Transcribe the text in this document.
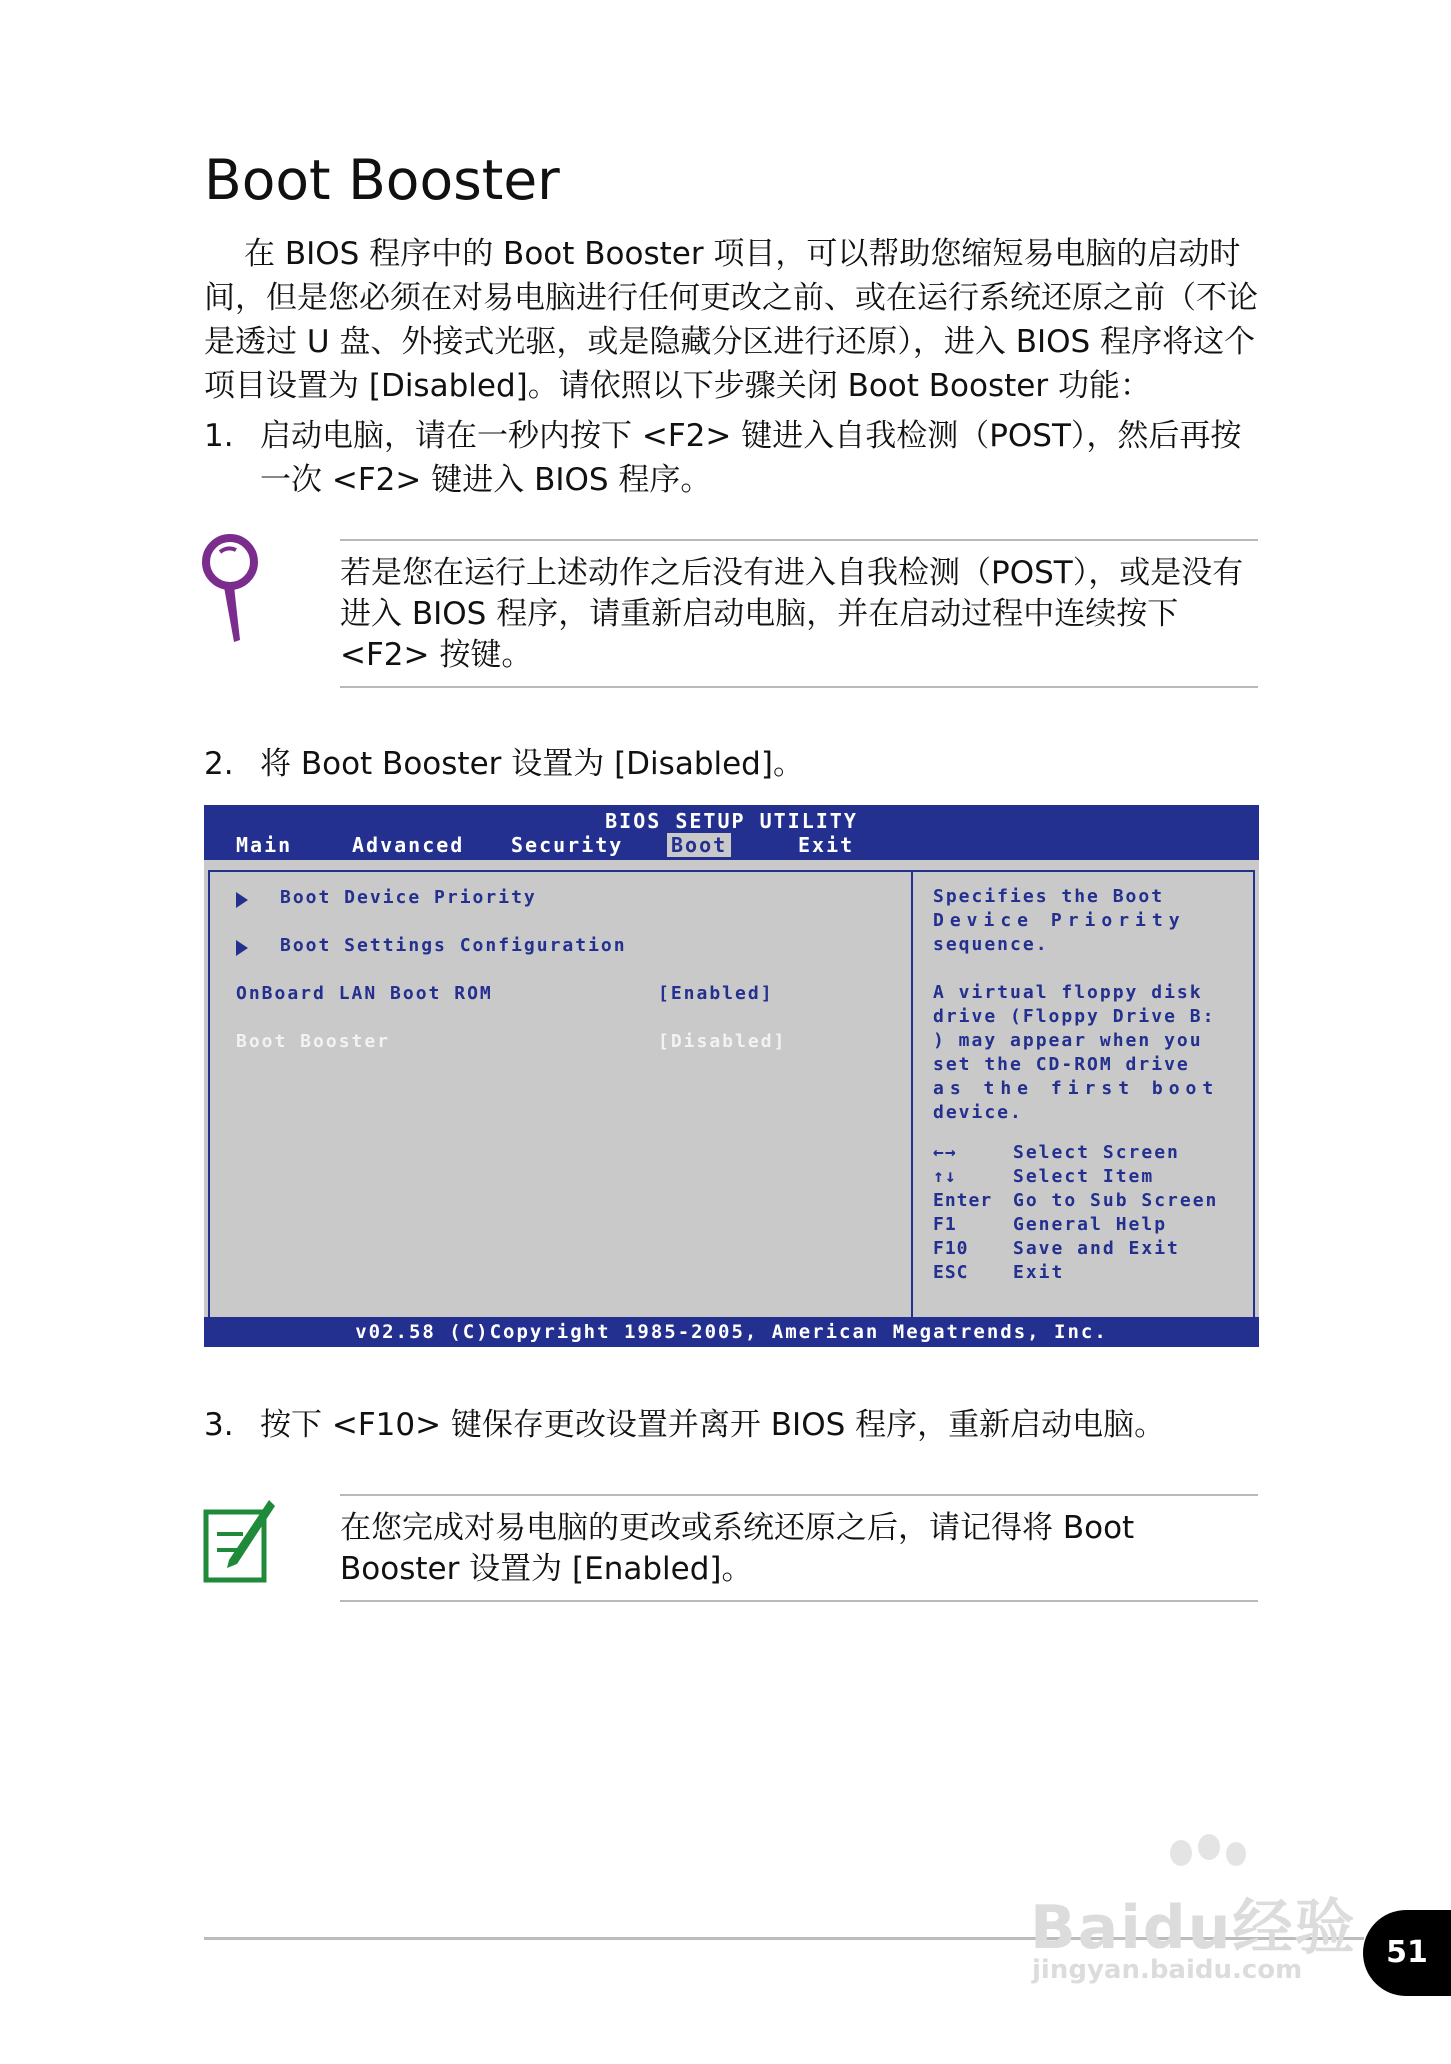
Boot Booster
在 BIOS 程序中的 Boot Booster 项目，可以帮助您缩短易电脑的启动时间，但是您必须在对易电脑进行任何更改之前、或在运行系统还原之前（不论是透过 U 盘、外接式光驱，或是隐藏分区进行还原），进入 BIOS 程序将这个项目设置为 [Disabled]。请依照以下步骤关闭 Boot Booster 功能：
1. 启动电脑，请在一秒内按下 <F2> 键进入自我检测（POST），然后再按一次 <F2> 键进入 BIOS 程序。
若是您在运行上述动作之后没有进入自我检测（POST），或是没有进入 BIOS 程序，请重新启动电脑，并在启动过程中连续按下 <F2> 按键。
2. 将 Boot Booster 设置为 [Disabled]。
BIOS SETUP UTILITY
Main	Advanced Security Boot	Exit
Boot Device Priority
Boot Settings Configuration
OnBoard LAN Boot ROM	[Enabled]
Boot Booster	[Disabled]
Specifies the Boot
Device Priority
sequence.
A virtual floppy disk
drive (Floppy Drive B:
) may appear when you
set the CD-ROM drive
as the first boot
device.
←→	Select Screen
↑↓	Select Item
Enter Go to Sub Screen
F1	General Help
F10 Save and Exit
ESC Exit
v02.58 (C)Copyright 1985-2005, American Megatrends, Inc.
3. 按下 <F10> 键保存更改设置并离开 BIOS 程序，重新启动电脑。
在您完成对易电脑的更改或系统还原之后，请记得将 Boot Booster 设置为 [Enabled]。
Baidu经验
jingyan.baidu.com	51
